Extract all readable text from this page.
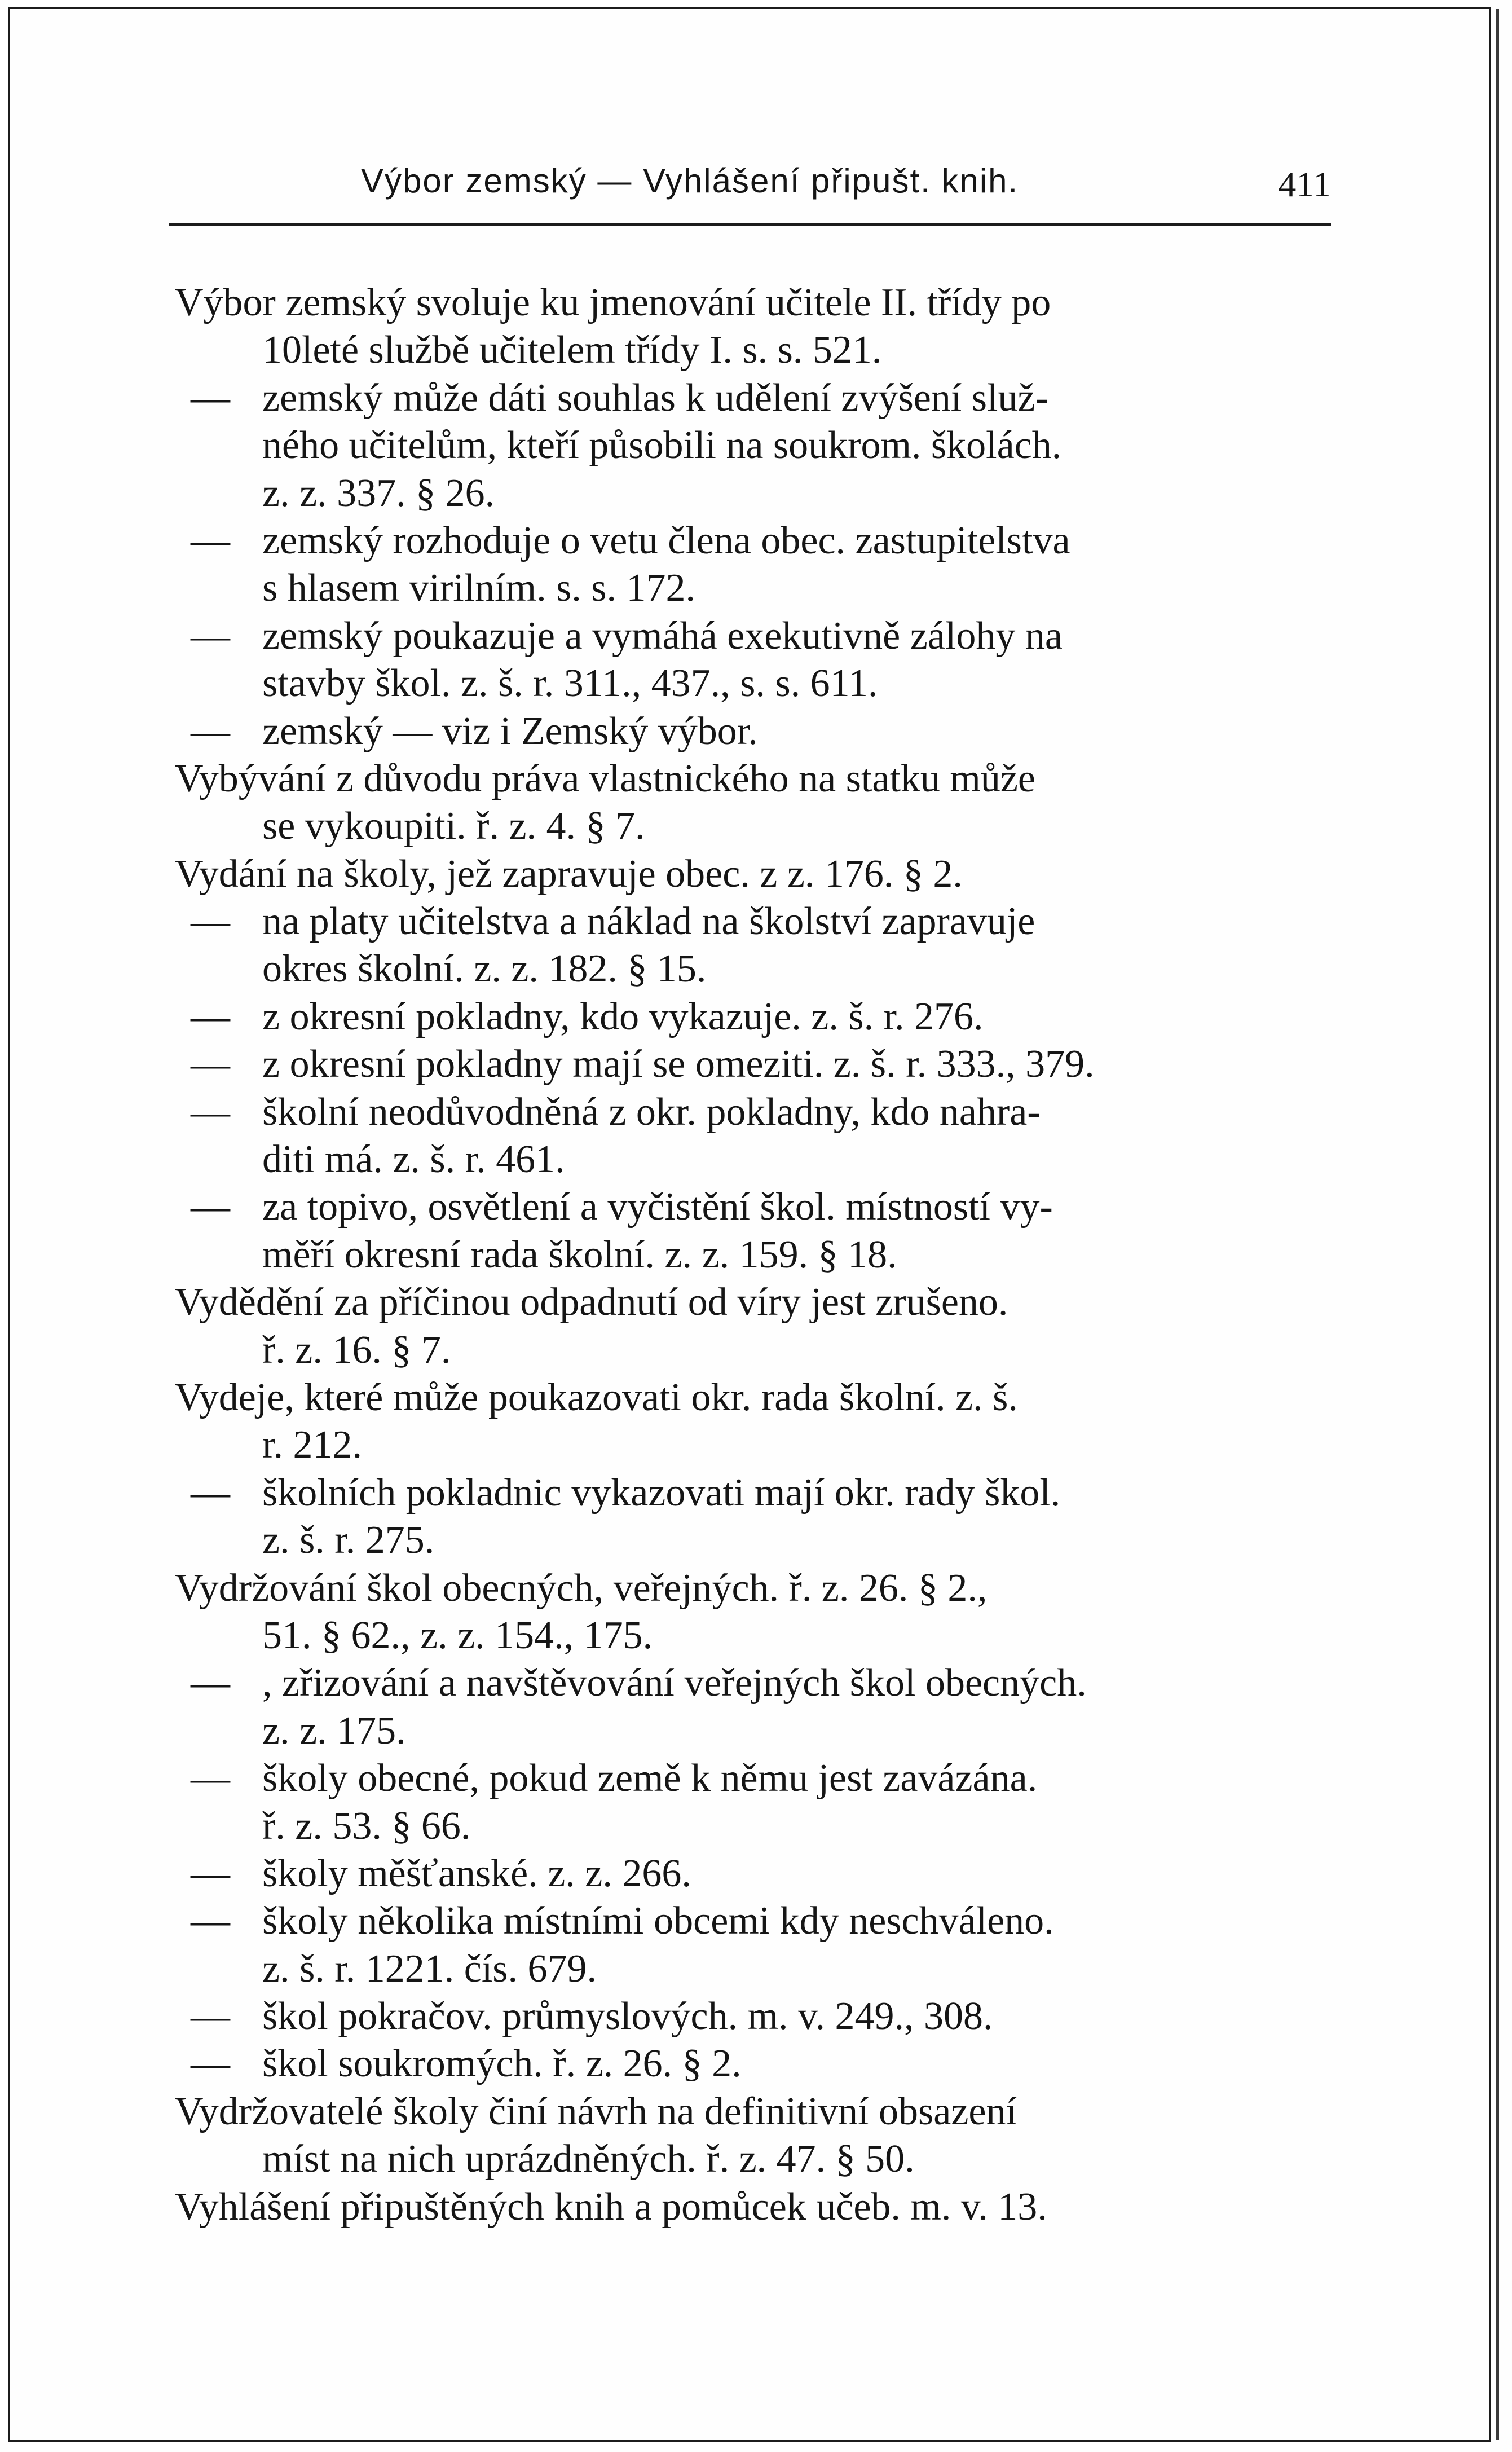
Výbor zemský — Vyhlášení připušt. knih.	411
Výbor zemský svoluje ku jmenování učitele II. třídy po
10leté službě učitelem třídy I. s. s. 521.
— zemský může dáti souhlas k udělení zvýšení služ-
ného učitelům, kteří působili na soukrom. školách.
z. z. 337. § 26.
— zemský rozhoduje o vetu člena obec. zastupitelstva
s hlasem virilním. s. s. 172.
— zemský poukazuje a vymáhá exekutivně zálohy na
stavby škol. z. š. r. 311., 437., s. s. 611.
— zemský — viz i Zemský výbor.
Vybývání z důvodu práva vlastnického na statku může
se vykoupiti. ř. z. 4. § 7.
Vydání na školy, jež zapravuje obec. z z. 176. § 2.
— na platy učitelstva a náklad na školství zapravuje
okres školní. z. z. 182. § 15.
— z okresní pokladny, kdo vykazuje. z. š. r. 276.
— z okresní pokladny mají se omeziti. z. š. r. 333., 379.
— školní neodůvodněná z okr. pokladny, kdo nahra-
diti má. z. š. r. 461.
— za topivo, osvětlení a vyčistění škol. místností vy-
měří okresní rada školní. z. z. 159. § 18.
Vydědění za příčinou odpadnutí od víry jest zrušeno.
ř. z. 16. § 7.
Vydeje, které může poukazovati okr. rada školní. z. š.
r. 212.
— školních pokladnic vykazovati mají okr. rady škol.
z. š. r. 275.
Vydržování škol obecných, veřejných. ř. z. 26. § 2.,
51. § 62., z. z. 154., 175.
— , zřizování a navštěvování veřejných škol obecných.
z. z. 175.
— školy obecné, pokud země k němu jest zavázána.
ř. z. 53. § 66.
— školy měšťanské. z. z. 266.
— školy několika místními obcemi kdy neschváleno.
z. š. r. 1221. čís. 679.
— škol pokračov. průmyslových. m. v. 249., 308.
— škol soukromých. ř. z. 26. § 2.
Vydržovatelé školy činí návrh na definitivní obsazení
míst na nich uprázdněných. ř. z. 47. § 50.
Vyhlášení připuštěných knih a pomůcek učeb. m. v. 13.
